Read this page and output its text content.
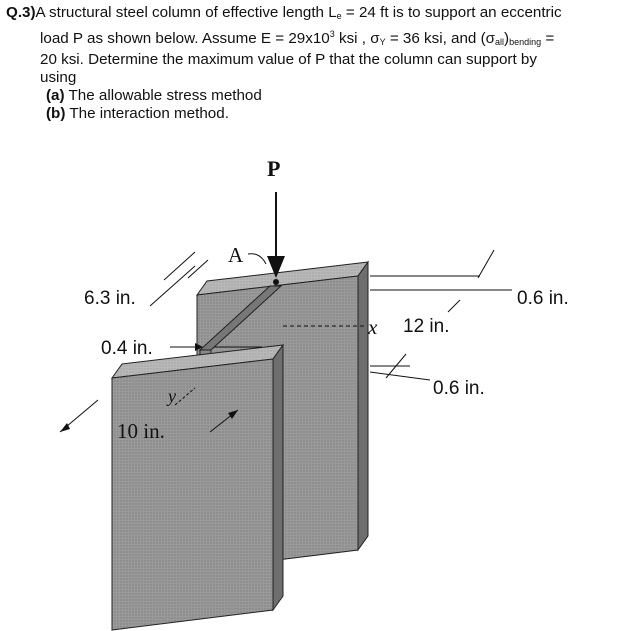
Q.3)A structural steel column of effective length $L_e = 24$ ft is to support an eccentric
load P as shown below. Assume $E = 29x10^3$ ksi , $\sigma_Y = 36$ ksi, and $(\sigma_{all})_{bending}$ =
20 ksi. Determine the maximum value of P that the column can support by
using
(a) The allowable stress method
(b) The interaction method.
P
A
6.3 in.
0.4 in.
10 in.
y
0.6 in.
x 12 in.
0.6 in.
